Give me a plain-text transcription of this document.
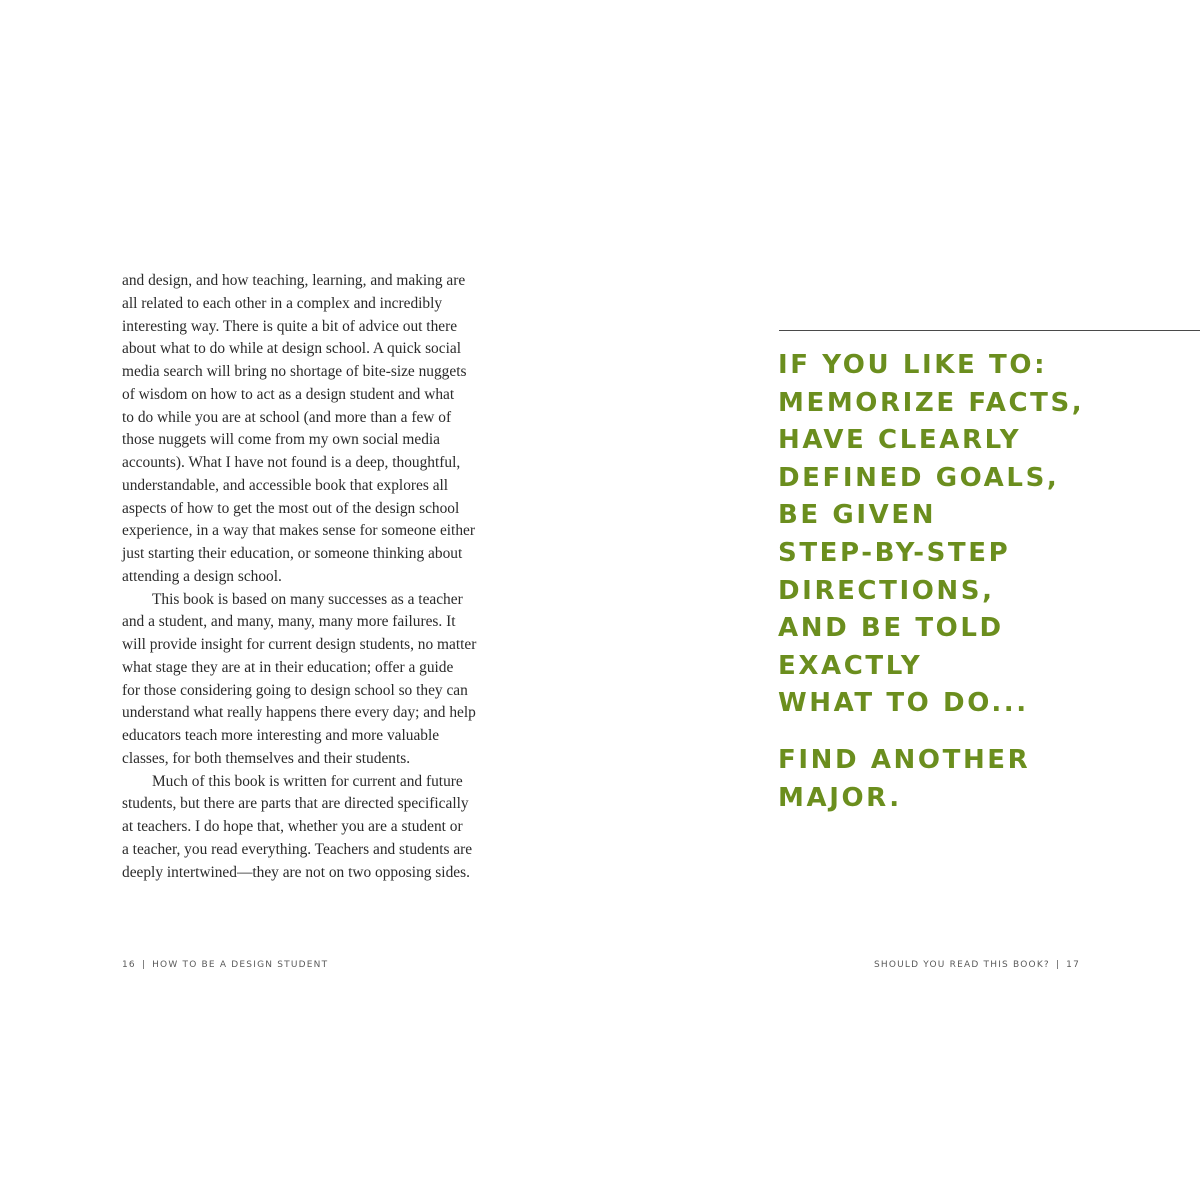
and design, and how teaching, learning, and making are
all related to each other in a complex and incredibly
interesting way. There is quite a bit of advice out there
about what to do while at design school. A quick social
media search will bring no shortage of bite-size nuggets
of wisdom on how to act as a design student and what
to do while you are at school (and more than a few of
those nuggets will come from my own social media
accounts). What I have not found is a deep, thoughtful,
understandable, and accessible book that explores all
aspects of how to get the most out of the design school
experience, in a way that makes sense for someone either
just starting their education, or someone thinking about
attending a design school.

This book is based on many successes as a teacher
and a student, and many, many, many more failures. It
will provide insight for current design students, no matter
what stage they are at in their education; offer a guide
for those considering going to design school so they can
understand what really happens there every day; and help
educators teach more interesting and more valuable
classes, for both themselves and their students.

Much of this book is written for current and future
students, but there are parts that are directed specifically
at teachers. I do hope that, whether you are a student or
a teacher, you read everything. Teachers and students are
deeply intertwined—they are not on two opposing sides.

16 | HOW TO BE A DESIGN STUDENT
IF YOU LIKE TO:
MEMORIZE FACTS,
HAVE CLEARLY
DEFINED GOALS,
BE GIVEN
STEP-BY-STEP
DIRECTIONS,
AND BE TOLD
EXACTLY
WHAT TO DO...
FIND ANOTHER
MAJOR.
SHOULD YOU READ THIS BOOK? | 17
